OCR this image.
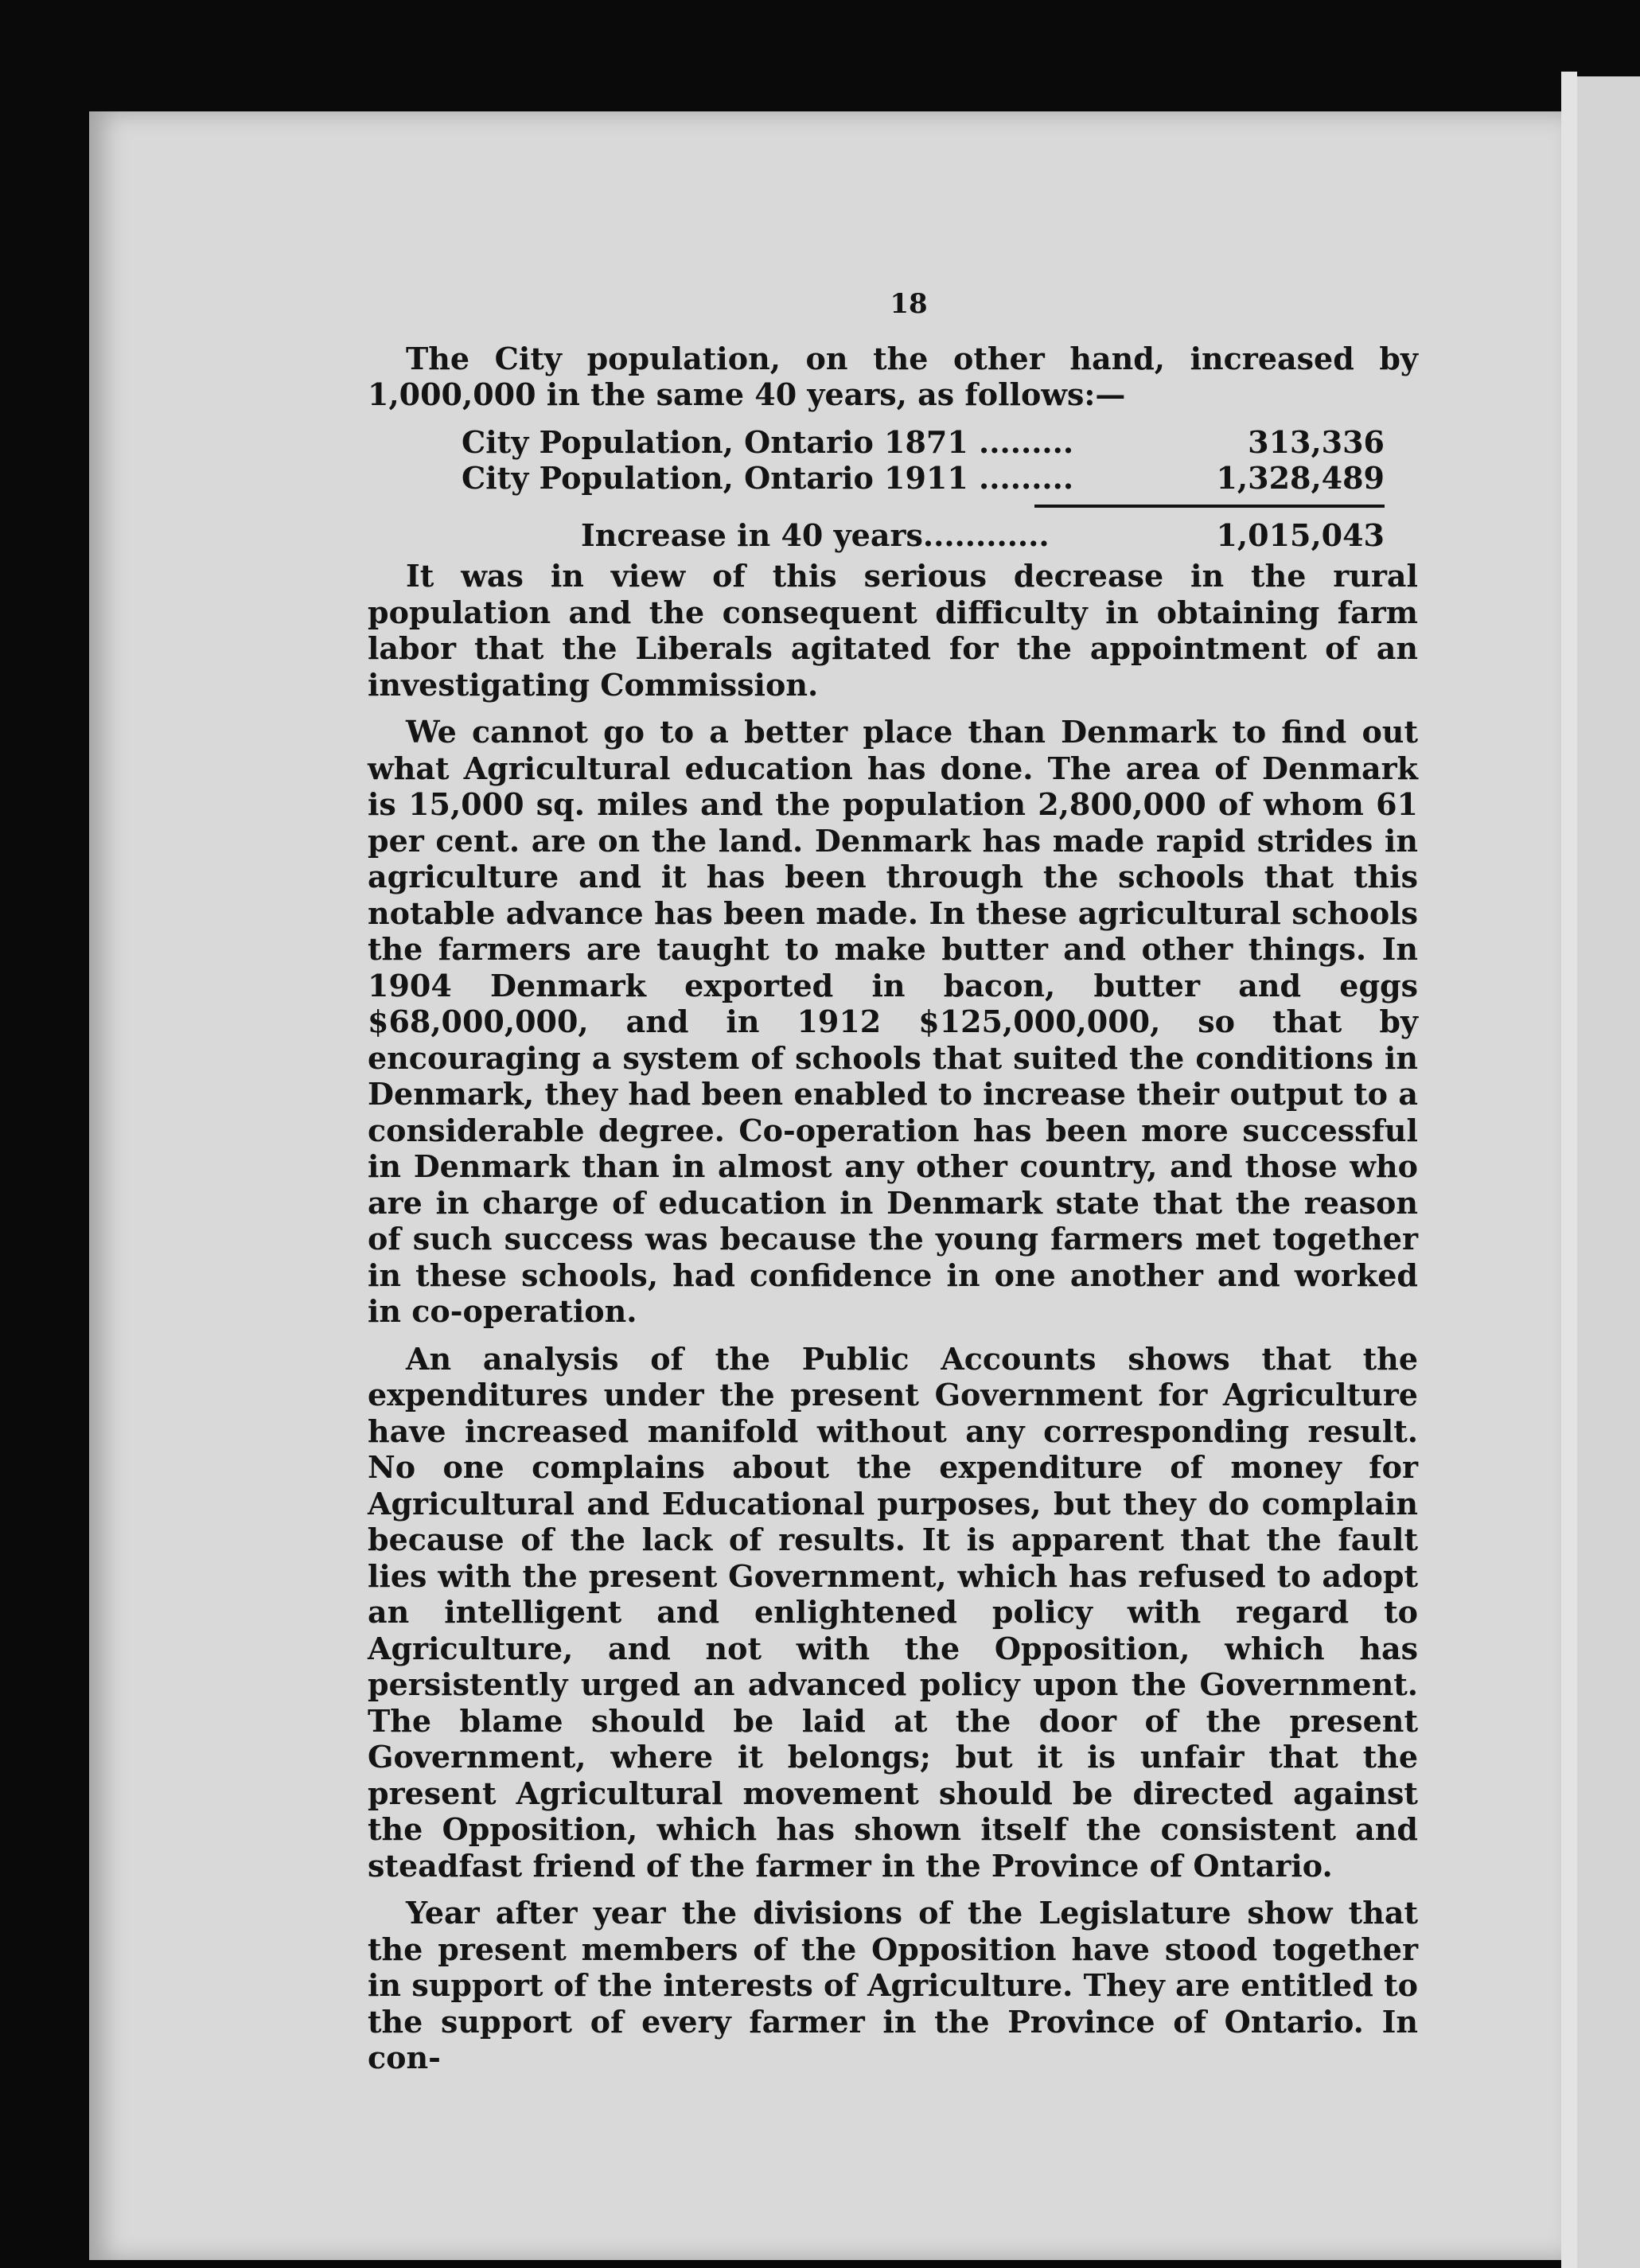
18

The City population, on the other hand, increased by 1,000,000 in the same 40 years, as follows:—

City Population, Ontario 1871 .........	313,336
City Population, Ontario 1911 .........	1,328,489
Increase in 40 years............	1,015,043

It was in view of this serious decrease in the rural population and the consequent difficulty in obtaining farm labor that the Liberals agitated for the appointment of an investigating Commission.

We cannot go to a better place than Denmark to find out what Agricultural education has done. The area of Denmark is 15,000 sq. miles and the population 2,800,000 of whom 61 per cent. are on the land. Denmark has made rapid strides in agriculture and it has been through the schools that this notable advance has been made. In these agricultural schools the farmers are taught to make butter and other things. In 1904 Denmark exported in bacon, butter and eggs $68,000,000, and in 1912 $125,000,000, so that by encouraging a system of schools that suited the conditions in Denmark, they had been enabled to increase their output to a considerable degree. Co-operation has been more successful in Denmark than in almost any other country, and those who are in charge of education in Denmark state that the reason of such success was because the young farmers met together in these schools, had confidence in one another and worked in co-operation.

An analysis of the Public Accounts shows that the expenditures under the present Government for Agriculture have increased manifold without any corresponding result. No one complains about the expenditure of money for Agricultural and Educational purposes, but they do complain because of the lack of results. It is apparent that the fault lies with the present Government, which has refused to adopt an intelligent and enlightened policy with regard to Agriculture, and not with the Opposition, which has persistently urged an advanced policy upon the Government. The blame should be laid at the door of the present Government, where it belongs; but it is unfair that the present Agricultural movement should be directed against the Opposition, which has shown itself the consistent and steadfast friend of the farmer in the Province of Ontario.

Year after year the divisions of the Legislature show that the present members of the Opposition have stood together in support of the interests of Agriculture. They are entitled to the support of every farmer in the Province of Ontario. In con-
